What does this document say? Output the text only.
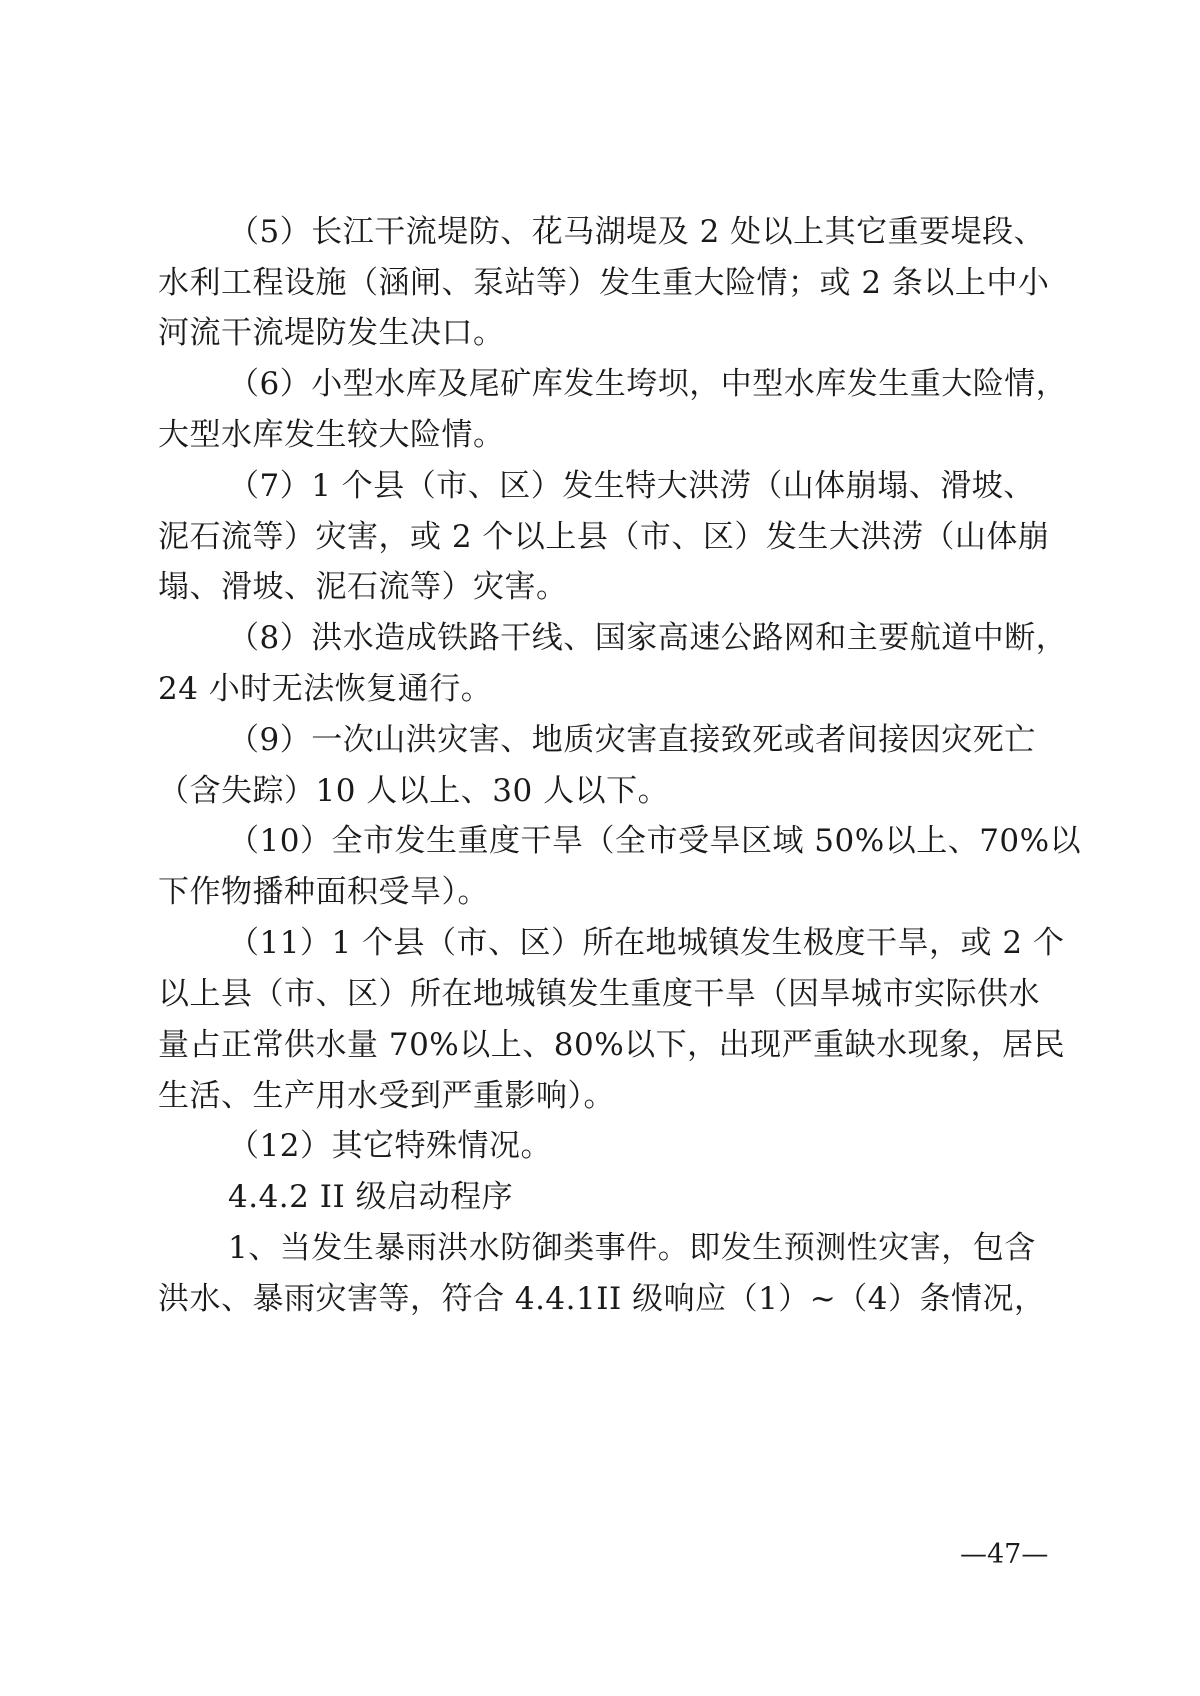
（5）长江干流堤防、花马湖堤及 2 处以上其它重要堤段、
水利工程设施（涵闸、泵站等）发生重大险情；或 2 条以上中小
河流干流堤防发生决口。
（6）小型水库及尾矿库发生垮坝，中型水库发生重大险情，
大型水库发生较大险情。
（7）1 个县（市、区）发生特大洪涝（山体崩塌、滑坡、
泥石流等）灾害，或 2 个以上县（市、区）发生大洪涝（山体崩
塌、滑坡、泥石流等）灾害。
（8）洪水造成铁路干线、国家高速公路网和主要航道中断，
24 小时无法恢复通行。
（9）一次山洪灾害、地质灾害直接致死或者间接因灾死亡
（含失踪）10 人以上、30 人以下。
（10）全市发生重度干旱（全市受旱区域 50%以上、70%以
下作物播种面积受旱）。
（11）1 个县（市、区）所在地城镇发生极度干旱，或 2 个
以上县（市、区）所在地城镇发生重度干旱（因旱城市实际供水
量占正常供水量 70%以上、80%以下，出现严重缺水现象，居民
生活、生产用水受到严重影响）。
（12）其它特殊情况。
4.4.2 II 级启动程序
1、当发生暴雨洪水防御类事件。即发生预测性灾害，包含
洪水、暴雨灾害等，符合 4.4.1II 级响应（1）~（4）条情况，
—47—
